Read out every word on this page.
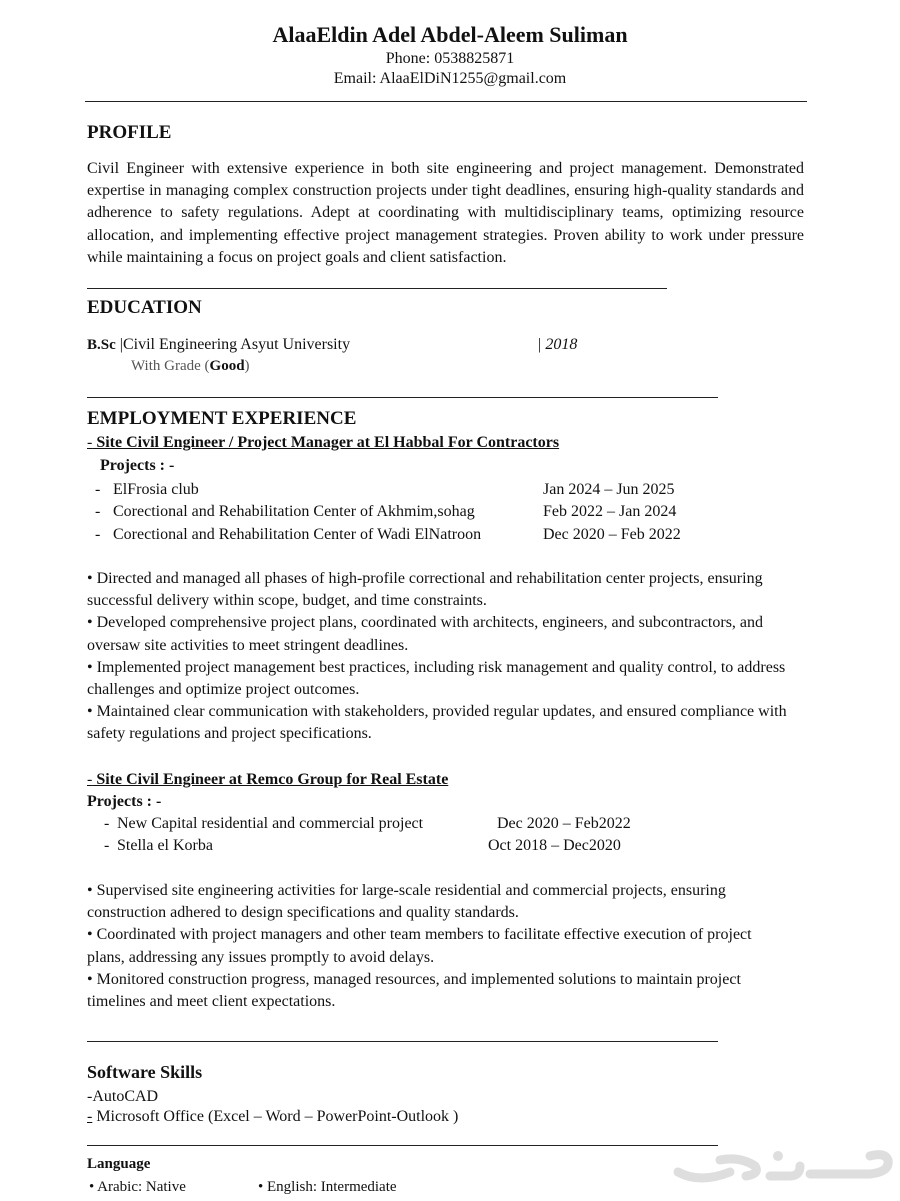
AlaaEldin Adel Abdel-Aleem Suliman
Phone: 0538825871
Email: AlaaElDiN1255@gmail.com
PROFILE
Civil Engineer with extensive experience in both site engineering and project management. Demonstrated expertise in managing complex construction projects under tight deadlines, ensuring high-quality standards and adherence to safety regulations. Adept at coordinating with multidisciplinary teams, optimizing resource allocation, and implementing effective project management strategies. Proven ability to work under pressure while maintaining a focus on project goals and client satisfaction.
EDUCATION
B.Sc |Civil Engineering Asyut University	| 2018
With Grade (Good)
EMPLOYMENT EXPERIENCE
- Site Civil Engineer / Project Manager at El Habbal For Contractors
Projects : -
- ElFrosia club	Jan 2024 – Jun 2025
- Corectional and Rehabilitation Center of Akhmim,sohag	Feb 2022 – Jan 2024
- Corectional and Rehabilitation Center of Wadi ElNatroon	Dec 2020 – Feb 2022

• Directed and managed all phases of high-profile correctional and rehabilitation center projects, ensuring successful delivery within scope, budget, and time constraints.

• Developed comprehensive project plans, coordinated with architects, engineers, and subcontractors, and oversaw site activities to meet stringent deadlines.

• Implemented project management best practices, including risk management and quality control, to address challenges and optimize project outcomes.

• Maintained clear communication with stakeholders, provided regular updates, and ensured compliance with safety regulations and project specifications.

- Site Civil Engineer at Remco Group for Real Estate
Projects : -
- New Capital residential and commercial project	Dec 2020 – Feb2022
- Stella el Korba	Oct 2018 – Dec2020

• Supervised site engineering activities for large-scale residential and commercial projects, ensuring construction adhered to design specifications and quality standards.

• Coordinated with project managers and other team members to facilitate effective execution of project plans, addressing any issues promptly to avoid delays.

• Monitored construction progress, managed resources, and implemented solutions to maintain project timelines and meet client expectations.

Software Skills
-AutoCAD
- Microsoft Office (Excel – Word – PowerPoint-Outlook )
Language
• Arabic: Native	• English: Intermediate
